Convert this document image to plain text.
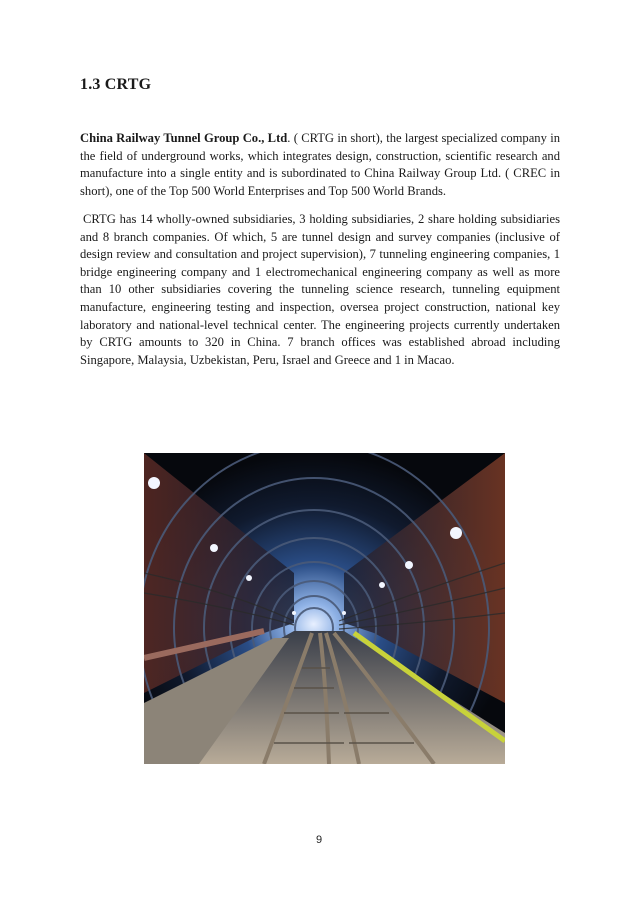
1.3 CRTG

China Railway Tunnel Group Co., Ltd. ( CRTG in short), the largest specialized company in the field of underground works, which integrates design, construction, scientific research and manufacture into a single entity and is subordinated to China Railway Group Ltd. ( CREC in short), one of the Top 500 World Enterprises and Top 500 World Brands.

CRTG has 14 wholly-owned subsidiaries, 3 holding subsidiaries, 2 share holding subsidiaries and 8 branch companies. Of which, 5 are tunnel design and survey companies (inclusive of design review and consultation and project supervision), 7 tunneling engineering companies, 1 bridge engineering company and 1 electromechanical engineering company as well as more than 10 other subsidiaries covering the tunneling science research, tunneling equipment manufacture, engineering testing and inspection, oversea project construction, national key laboratory and national-level technical center. The engineering projects currently undertaken by CRTG amounts to 320 in China. 7 branch offices was established abroad including Singapore, Malaysia, Uzbekistan, Peru, Israel and Greece and 1 in Macao.

9
